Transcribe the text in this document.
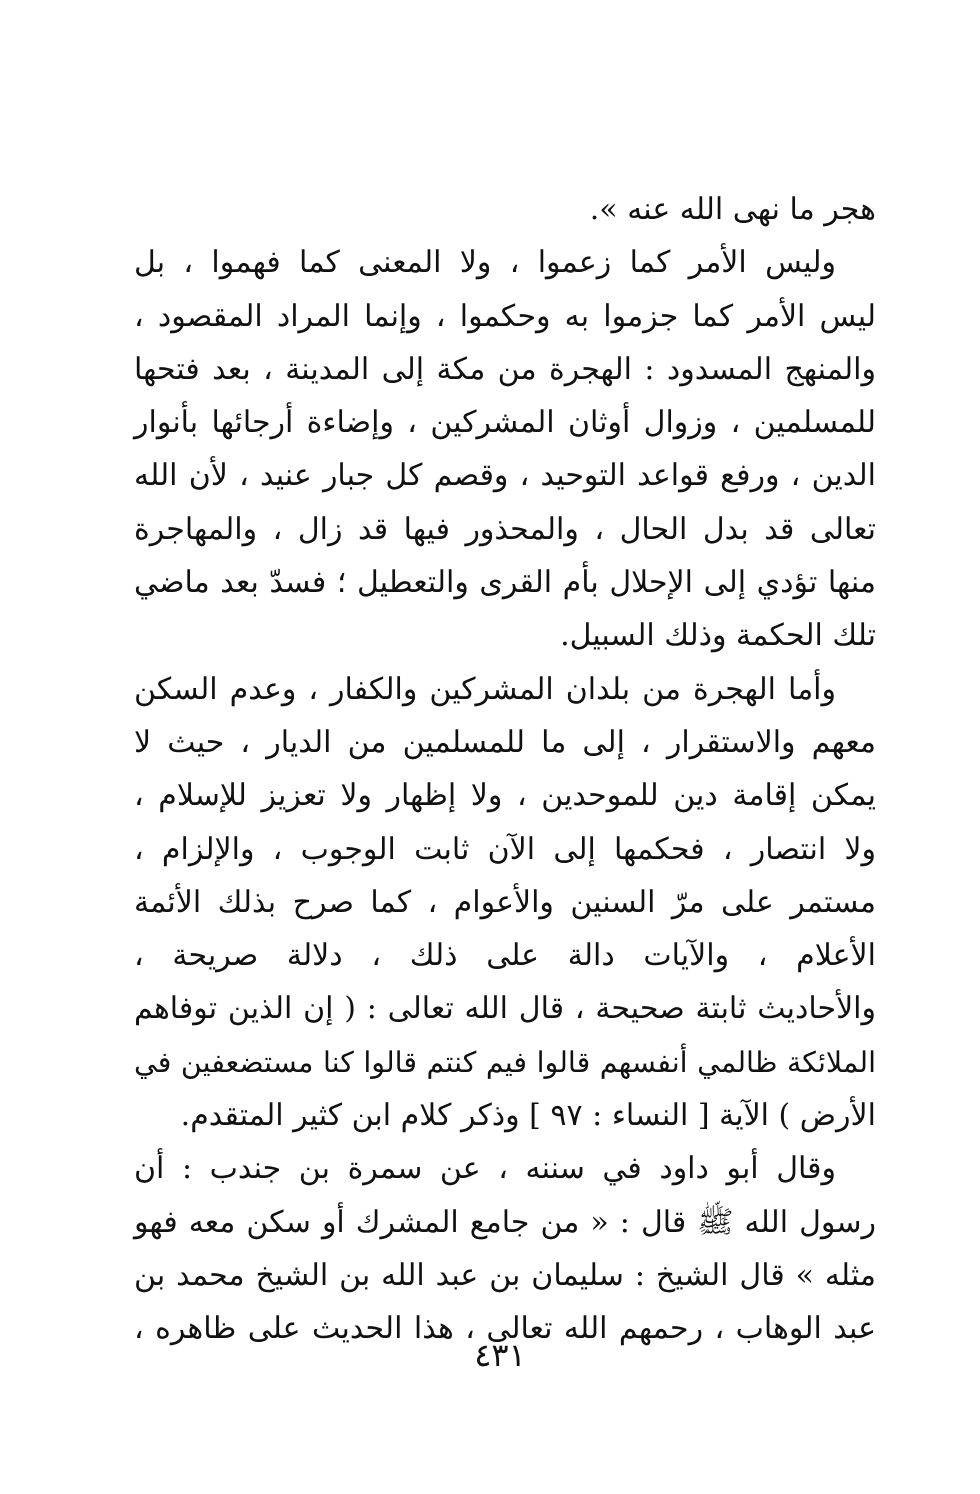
هجر ما نهى الله عنه ».
وليس الأمر كما زعموا ، ولا المعنى كما فهموا ، بل
ليس الأمر كما جزموا به وحكموا ، وإنما المراد المقصود ،
والمنهج المسدود : الهجرة من مكة إلى المدينة ، بعد فتحها
للمسلمين ، وزوال أوثان المشركين ، وإضاءة أرجائها بأنوار
الدين ، ورفع قواعد التوحيد ، وقصم كل جبار عنيد ، لأن الله
تعالى قد بدل الحال ، والمحذور فيها قد زال ، والمهاجرة
منها تؤدي إلى الإحلال بأم القرى والتعطيل ؛ فسدّ بعد ماضي
تلك الحكمة وذلك السبيل.
وأما الهجرة من بلدان المشركين والكفار ، وعدم السكن
معهم والاستقرار ، إلى ما للمسلمين من الديار ، حيث لا
يمكن إقامة دين للموحدين ، ولا إظهار ولا تعزيز للإسلام ،
ولا انتصار ، فحكمها إلى الآن ثابت الوجوب ، والإلزام ،
مستمر على مرّ السنين والأعوام ، كما صرح بذلك الأئمة
الأعلام ، والآيات دالة على ذلك ، دلالة صريحة ،
والأحاديث ثابتة صحيحة ، قال الله تعالى : ( إن الذين توفاهم
الملائكة ظالمي أنفسهم قالوا فيم كنتم قالوا كنا مستضعفين في
الأرض ) الآية [ النساء : ٩٧ ] وذكر كلام ابن كثير المتقدم.
وقال أبو داود في سننه ، عن سمرة بن جندب : أن
رسول الله ﷺ قال : « من جامع المشرك أو سكن معه فهو
مثله » قال الشيخ : سليمان بن عبد الله بن الشيخ محمد بن
عبد الوهاب ، رحمهم الله تعالى ، هذا الحديث على ظاهره ،
٤٣١
